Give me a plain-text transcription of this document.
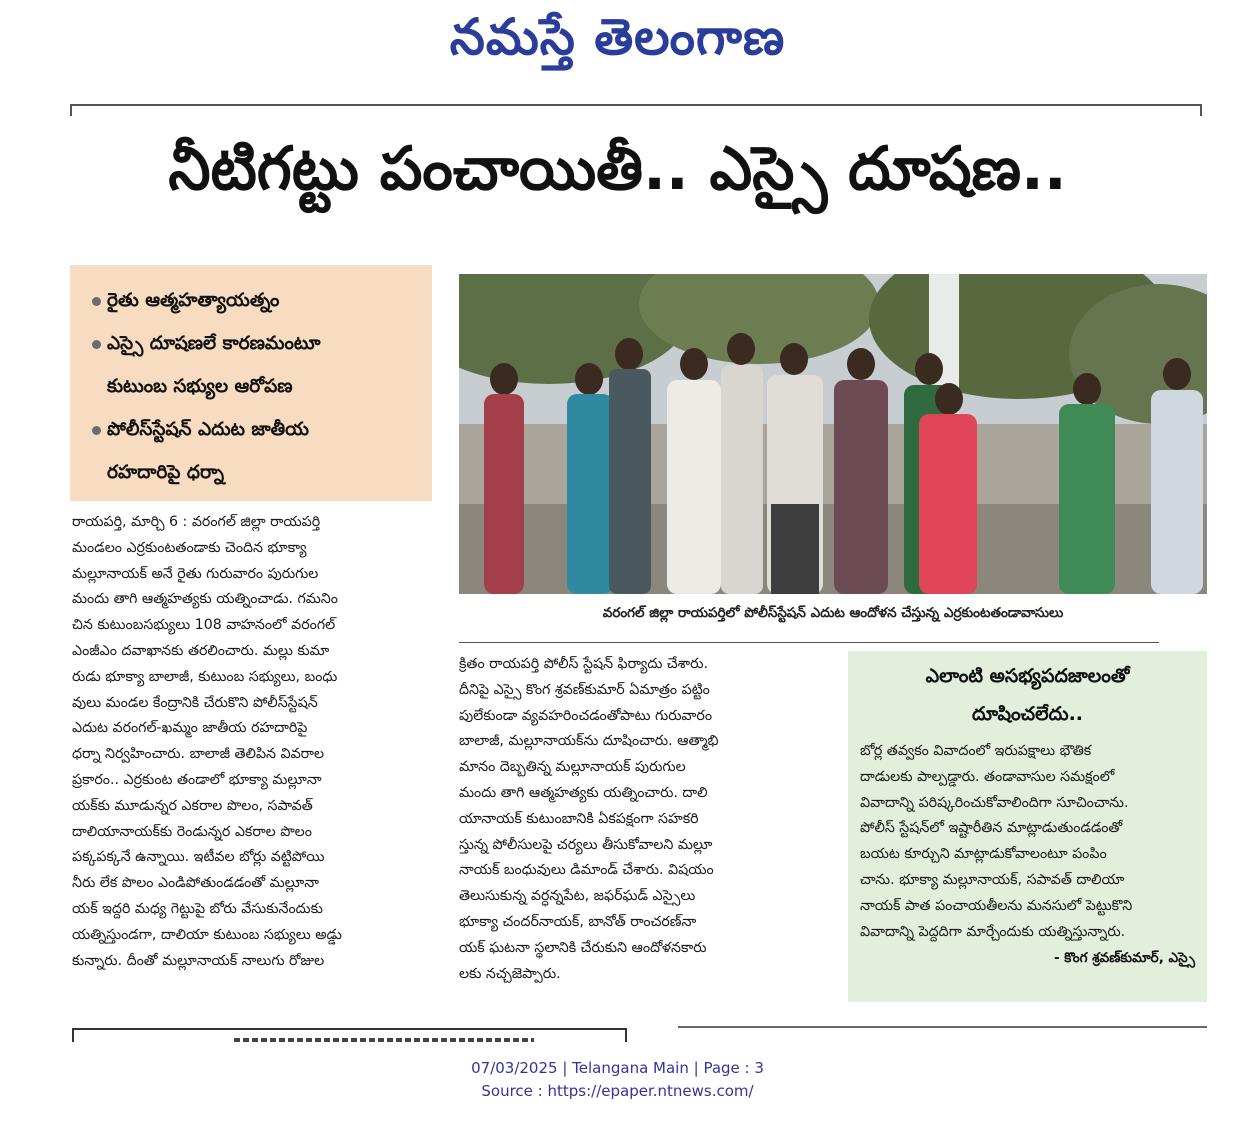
నమస్తే తెలంగాణ
నీటిగట్టు పంచాయితీ.. ఎస్సై దూషణ..
రైతు ఆత్మహత్యాయత్నం
ఎస్సై దూషణలే కారణమంటూ
కుటుంబ సభ్యుల ఆరోపణ
పోలీస్‌స్టేషన్ ఎదుట జాతీయ
రహదారిపై ధర్నా
వరంగల్ జిల్లా రాయపర్తిలో పోలీస్‌స్టేషన్ ఎదుట ఆందోళన చేస్తున్న ఎర్రకుంటతండావాసులు
రాయపర్తి, మార్చి 6 : వరంగల్ జిల్లా రాయపర్తి
మండలం ఎర్రకుంటతండాకు చెందిన భూక్యా
మల్లూనాయక్ అనే రైతు గురువారం పురుగుల
మందు తాగి ఆత్మహత్యకు యత్నించాడు. గమనిం
చిన కుటుంబసభ్యులు 108 వాహనంలో వరంగల్
ఎంజీఎం దవాఖానకు తరలించారు. మల్లు కుమా
రుడు భూక్యా బాలాజీ, కుటుంబ సభ్యులు, బంధు
వులు మండల కేంద్రానికి చేరుకొని పోలీస్‌స్టేషన్
ఎదుట వరంగల్-ఖమ్మం జాతీయ రహదారిపై
ధర్నా నిర్వహించారు. బాలాజీ తెలిపిన వివరాల
ప్రకారం.. ఎర్రకుంట తండాలో భూక్యా మల్లూనా
యక్‌కు మూడున్నర ఎకరాల పొలం, సపావత్
దాలియానాయక్‌కు రెండున్నర ఎకరాల పొలం
పక్కపక్కనే ఉన్నాయి. ఇటీవల బోర్లు వట్టిపోయి
నీరు లేక పొలం ఎండిపోతుండడంతో మల్లూనా
యక్ ఇద్దరి మధ్య గెట్టుపై బోరు వేసుకునేందుకు
యత్నిస్తుండగా, దాలియా కుటుంబ సభ్యులు అడ్డు
కున్నారు. దీంతో మల్లూనాయక్ నాలుగు రోజుల
క్రితం రాయపర్తి పోలీస్ స్టేషన్ ఫిర్యాదు చేశారు.
దీనిపై ఎస్సై కొంగ శ్రవణ్‌కుమార్ ఏమాత్రం పట్టిం
పులేకుండా వ్యవహరించడంతోపాటు గురువారం
బాలాజీ, మల్లూనాయక్‌ను దూషించారు. ఆత్మాభి
మానం దెబ్బతిన్న మల్లూనాయక్ పురుగుల
మందు తాగి ఆత్మహత్యకు యత్నించారు. దాలి
యానాయక్ కుటుంబానికి ఏకపక్షంగా సహకరి
స్తున్న పోలీసులపై చర్యలు తీసుకోవాలని మల్లూ
నాయక్ బంధువులు డిమాండ్ చేశారు. విషయం
తెలుసుకున్న వర్ధన్నపేట, జఫర్‌ఘడ్ ఎస్సైలు
భూక్యా చందర్‌నాయక్, బానోత్ రాంచరణ్‌నా
యక్ ఘటనా స్థలానికి చేరుకుని ఆందోళనకారు
లకు నచ్చజెప్పారు.
ఎలాంటి అసభ్యపదజాలంతో
దూషించలేదు..
బోర్ల తవ్వకం వివాదంలో ఇరుపక్షాలు భౌతిక
దాడులకు పాల్పడ్డారు. తండావాసుల సమక్షంలో
వివాదాన్ని పరిష్కరించుకోవాలిందిగా సూచించాను.
పోలీస్ స్టేషన్‌లో ఇష్టారీతిన మాట్లాడుతుండడంతో
బయట కూర్చుని మాట్లాడుకోవాలంటూ పంపిం
చాను. భూక్యా మల్లూనాయక్, సపావత్ దాలియా
నాయక్ పాత పంచాయతీలను మనసులో పెట్టుకొని
వివాదాన్ని పెద్దదిగా మార్చేందుకు యత్నిస్తున్నారు.
- కొంగ శ్రవణ్‌కుమార్, ఎస్సై
07/03/2025 | Telangana Main | Page : 3
Source : https://epaper.ntnews.com/
